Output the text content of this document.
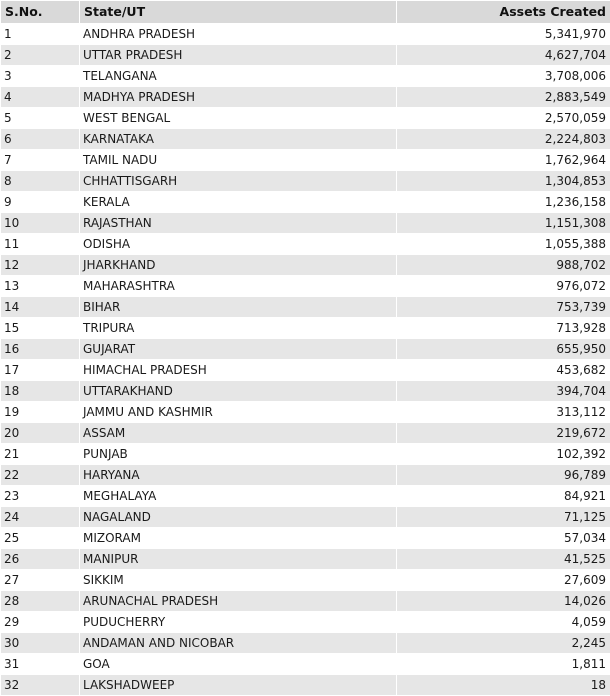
S.No.	State/UT	Assets Created
1	ANDHRA PRADESH	5,341,970
2	UTTAR PRADESH	4,627,704
3	TELANGANA	3,708,006
4	MADHYA PRADESH	2,883,549
5	WEST BENGAL	2,570,059
6	KARNATAKA	2,224,803
7	TAMIL NADU	1,762,964
8	CHHATTISGARH	1,304,853
9	KERALA	1,236,158
10	RAJASTHAN	1,151,308
11	ODISHA	1,055,388
12	JHARKHAND	988,702
13	MAHARASHTRA	976,072
14	BIHAR	753,739
15	TRIPURA	713,928
16	GUJARAT	655,950
17	HIMACHAL PRADESH	453,682
18	UTTARAKHAND	394,704
19	JAMMU AND KASHMIR	313,112
20	ASSAM	219,672
21	PUNJAB	102,392
22	HARYANA	96,789
23	MEGHALAYA	84,921
24	NAGALAND	71,125
25	MIZORAM	57,034
26	MANIPUR	41,525
27	SIKKIM	27,609
28	ARUNACHAL PRADESH	14,026
29	PUDUCHERRY	4,059
30	ANDAMAN AND NICOBAR	2,245
31	GOA	1,811
32	LAKSHADWEEP	18
